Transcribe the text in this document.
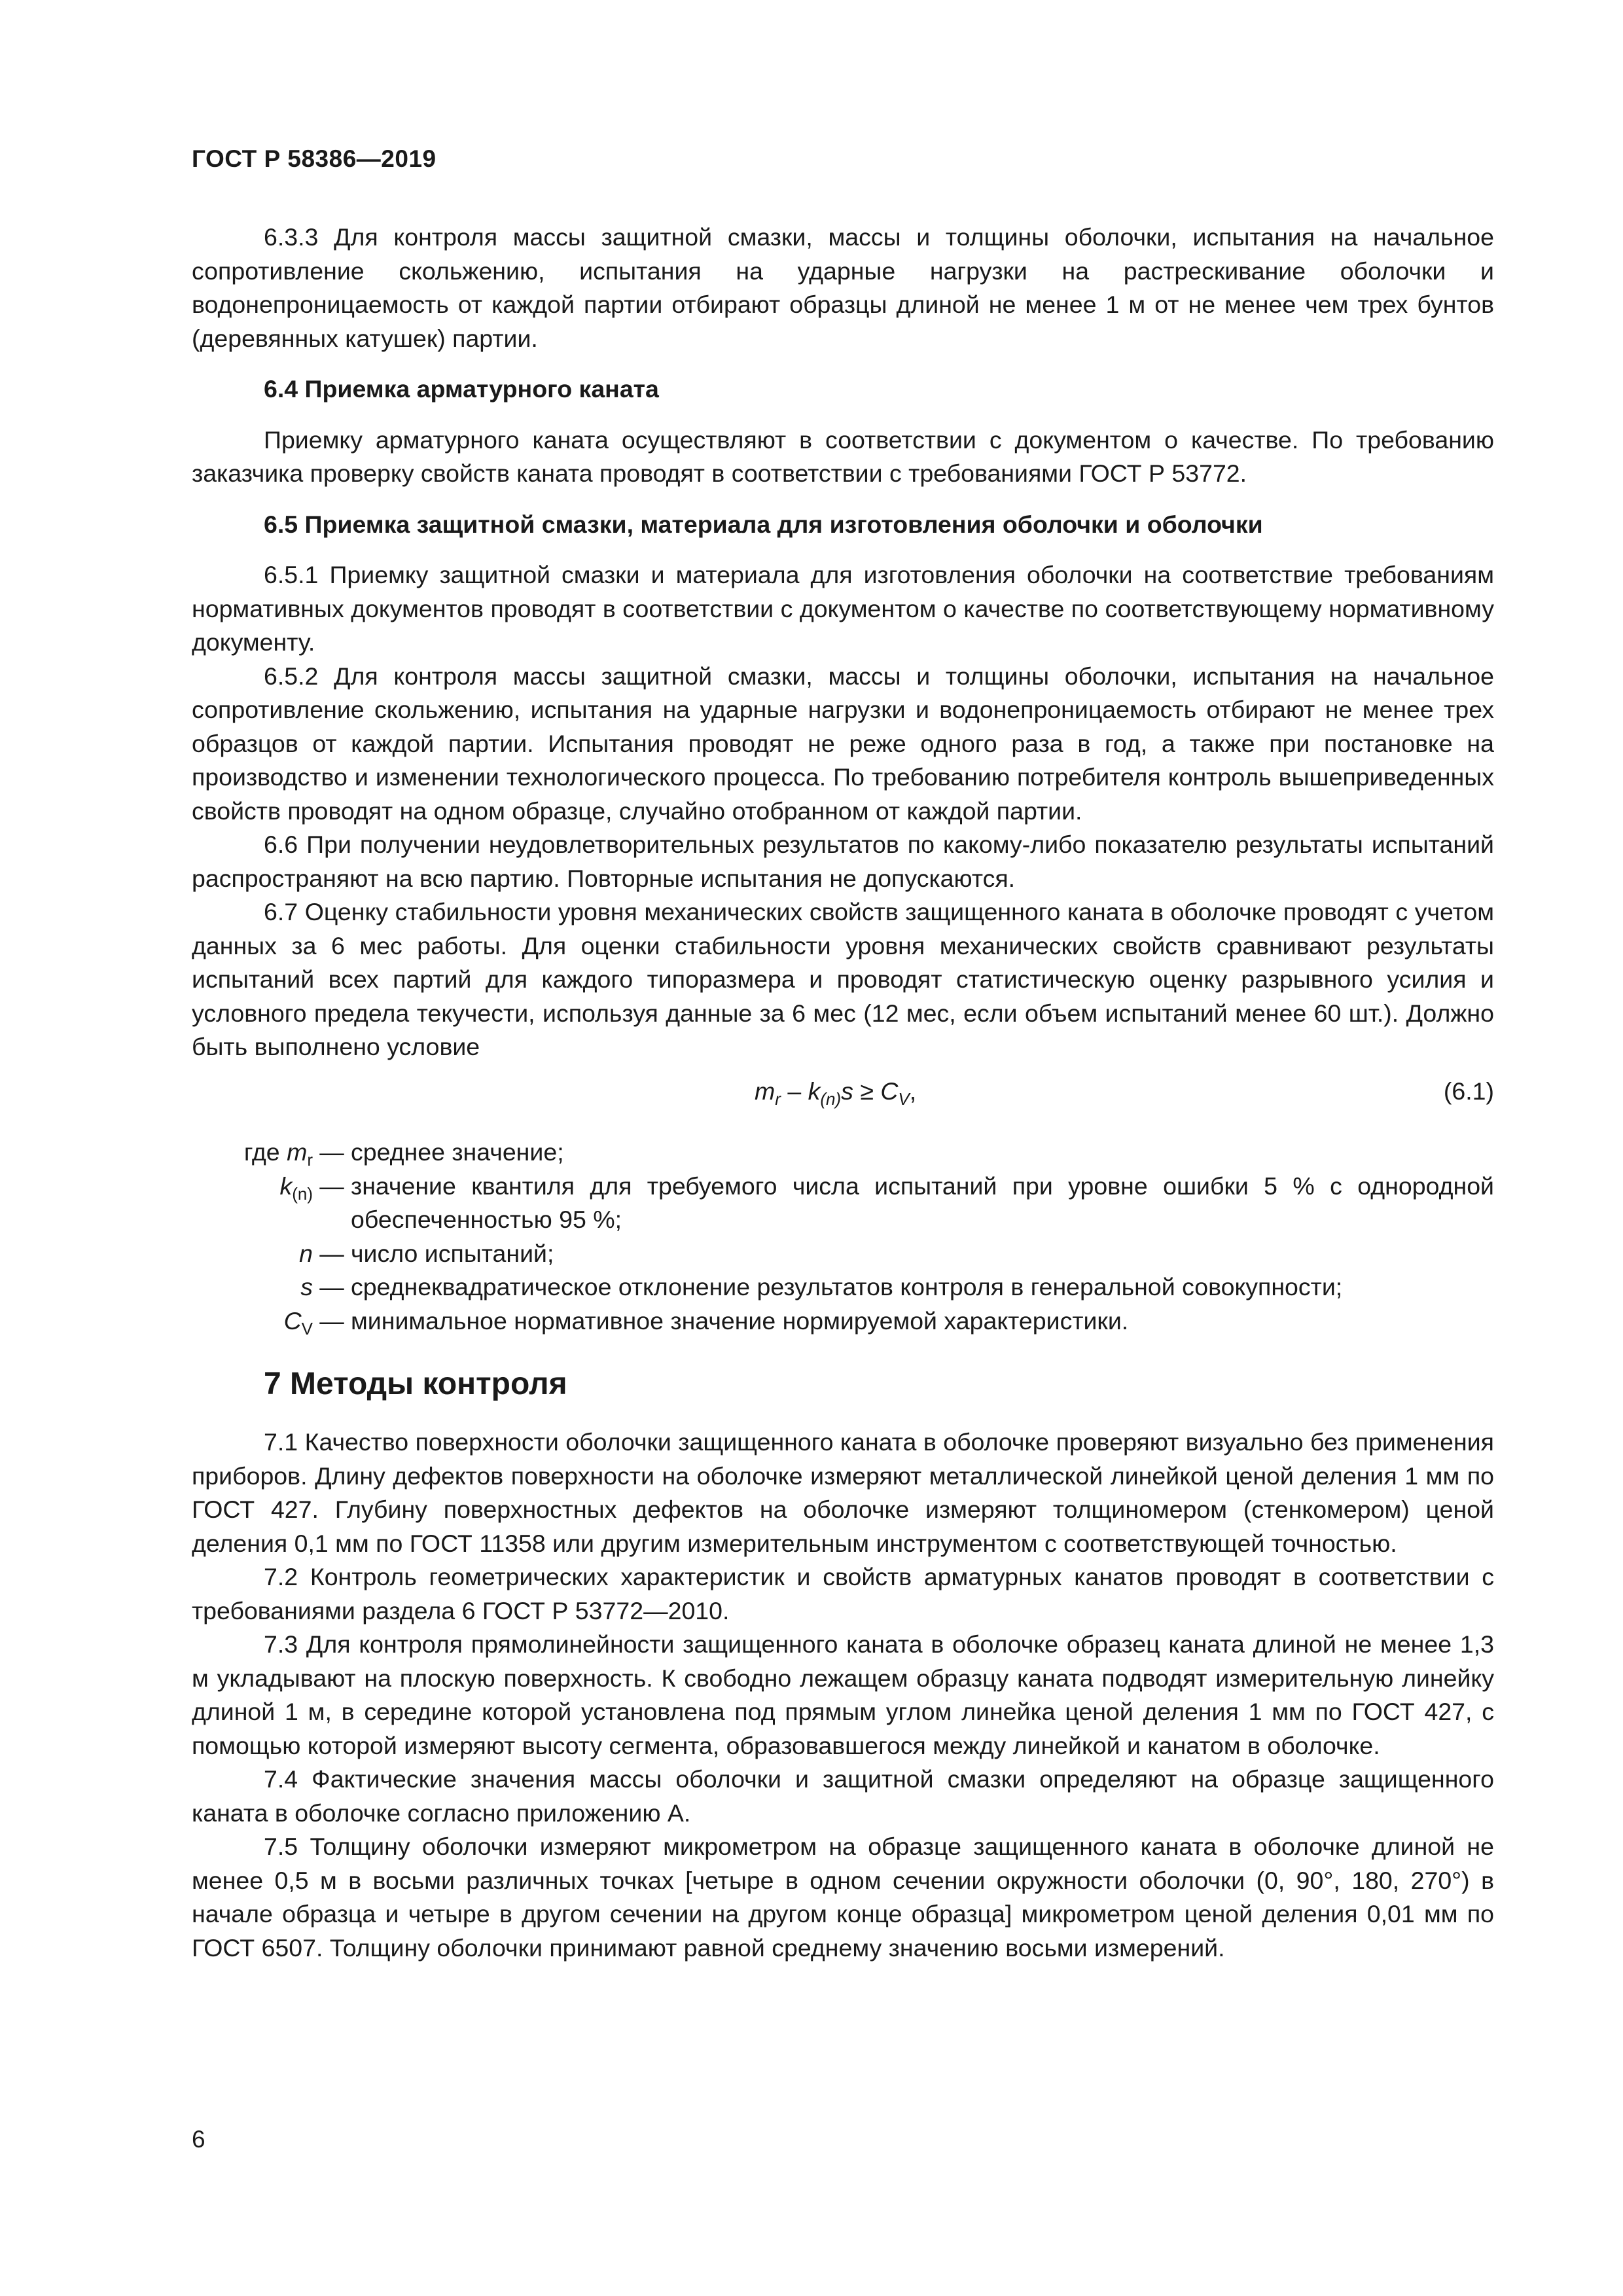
ГОСТ Р 58386—2019

6.3.3 Для контроля массы защитной смазки, массы и толщины оболочки, испытания на начальное сопротивление скольжению, испытания на ударные нагрузки на растрескивание оболочки и водонепроницаемость от каждой партии отбирают образцы длиной не менее 1 м от не менее чем трех бунтов (деревянных катушек) партии.

6.4 Приемка арматурного каната

Приемку арматурного каната осуществляют в соответствии с документом о качестве. По требованию заказчика проверку свойств каната проводят в соответствии с требованиями ГОСТ Р 53772.

6.5 Приемка защитной смазки, материала для изготовления оболочки и оболочки

6.5.1 Приемку защитной смазки и материала для изготовления оболочки на соответствие требованиям нормативных документов проводят в соответствии с документом о качестве по соответствующему нормативному документу.

6.5.2 Для контроля массы защитной смазки, массы и толщины оболочки, испытания на начальное сопротивление скольжению, испытания на ударные нагрузки и водонепроницаемость отбирают не менее трех образцов от каждой партии. Испытания проводят не реже одного раза в год, а также при постановке на производство и изменении технологического процесса. По требованию потребителя контроль вышеприведенных свойств проводят на одном образце, случайно отобранном от каждой партии.

6.6 При получении неудовлетворительных результатов по какому-либо показателю результаты испытаний распространяют на всю партию. Повторные испытания не допускаются.

6.7 Оценку стабильности уровня механических свойств защищенного каната в оболочке проводят с учетом данных за 6 мес работы. Для оценки стабильности уровня механических свойств сравнивают результаты испытаний всех партий для каждого типоразмера и проводят статистическую оценку разрывного усилия и условного предела текучести, используя данные за 6 мес (12 мес, если объем испытаний менее 60 шт.). Должно быть выполнено условие

$m_r - k_{(n)}s \ge C_V$,	(6.1)
где $m_r$ — среднее значение;
$k_{(n)}$ — значение квантиля для требуемого числа испытаний при уровне ошибки 5 % с однородной обеспеченностью 95 %;
n — число испытаний;
s — среднеквадратическое отклонение результатов контроля в генеральной совокупности;
$C_V$ — минимальное нормативное значение нормируемой характеристики.
7 Методы контроля

7.1 Качество поверхности оболочки защищенного каната в оболочке проверяют визуально без применения приборов. Длину дефектов поверхности на оболочке измеряют металлической линейкой ценой деления 1 мм по ГОСТ 427. Глубину поверхностных дефектов на оболочке измеряют толщиномером (стенкомером) ценой деления 0,1 мм по ГОСТ 11358 или другим измерительным инструментом с соответствующей точностью.

7.2 Контроль геометрических характеристик и свойств арматурных канатов проводят в соответствии с требованиями раздела 6 ГОСТ Р 53772—2010.

7.3 Для контроля прямолинейности защищенного каната в оболочке образец каната длиной не менее 1,3 м укладывают на плоскую поверхность. К свободно лежащем образцу каната подводят измерительную линейку длиной 1 м, в середине которой установлена под прямым углом линейка ценой деления 1 мм по ГОСТ 427, с помощью которой измеряют высоту сегмента, образовавшегося между линейкой и канатом в оболочке.

7.4 Фактические значения массы оболочки и защитной смазки определяют на образце защищенного каната в оболочке согласно приложению А.

7.5 Толщину оболочки измеряют микрометром на образце защищенного каната в оболочке длиной не менее 0,5 м в восьми различных точках [четыре в одном сечении окружности оболочки (0, 90°, 180, 270°) в начале образца и четыре в другом сечении на другом конце образца] микрометром ценой деления 0,01 мм по ГОСТ 6507. Толщину оболочки принимают равной среднему значению восьми измерений.

6
